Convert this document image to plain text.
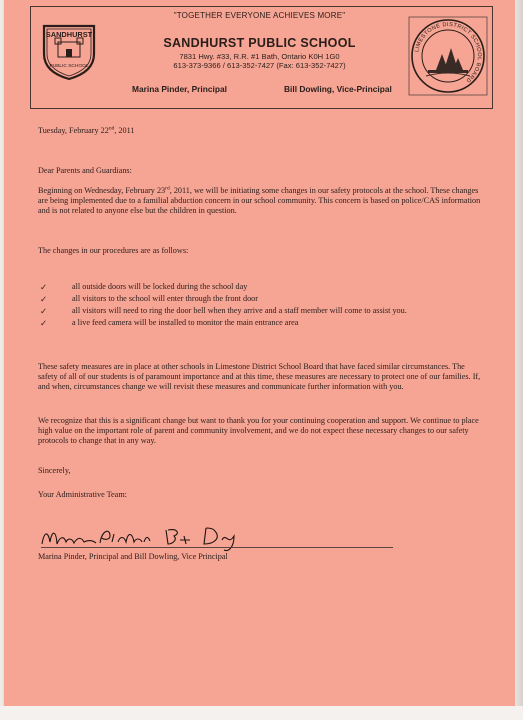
"TOGETHER EVERYONE ACHIEVES MORE"
SANDHURST
PUBLIC SCHOOL
SANDHURST PUBLIC SCHOOL
7831 Hwy. #33, R.R. #1 Bath, Ontario K0H 1G0
613-373-9366 / 613-352-7427 (Fax: 613-352-7427)
Marina Pinder, Principal	Bill Dowling, Vice-Principal
LIMESTONE DISTRICT SCHOOL BOARD
Tuesday, February 22nd, 2011
Dear Parents and Guardians:
Beginning on Wednesday, February 23rd, 2011, we will be initiating some changes in our safety protocols at the school. These changes are being implemented due to a familial abduction concern in our school community. This concern is based on police/CAS information and is not related to anyone else but the children in question.
The changes in our procedures are as follows:
✓	all outside doors will be locked during the school day
✓	all visitors to the school will enter through the front door
✓	all visitors will need to ring the door bell when they arrive and a staff member will come to assist you.
✓	a live feed camera will be installed to monitor the main entrance area
These safety measures are in place at other schools in Limestone District School Board that have faced similar circumstances. The safety of all of our students is of paramount importance and at this time, these measures are necessary to protect one of our families. If, and when, circumstances change we will revisit these measures and communicate further information with you.
We recognize that this is a significant change but want to thank you for your continuing cooperation and support. We continue to place high value on the important role of parent and community involvement, and we do not expect these necessary changes to our safety protocols to change that in any way.
Sincerely,
Your Administrative Team:
Marina Pinder, Principal and Bill Dowling, Vice Principal
